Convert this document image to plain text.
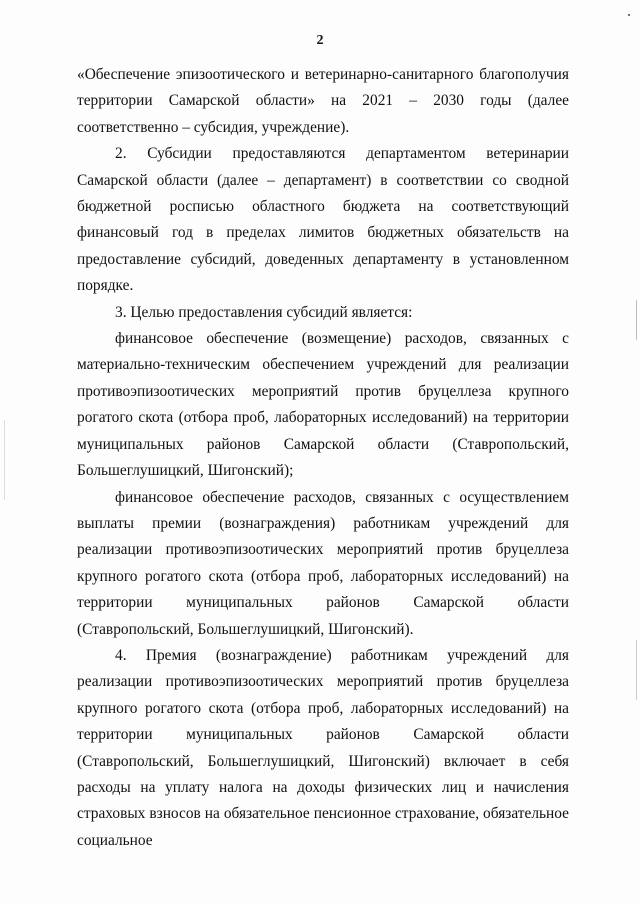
2

«Обеспечение эпизоотического и ветеринарно-санитарного благополучия территории Самарской области» на 2021 – 2030 годы (далее соответственно – субсидия, учреждение).

2. Субсидии предоставляются департаментом ветеринарии Самарской области (далее – департамент) в соответствии со сводной бюджетной росписью областного бюджета на соответствующий финансовый год в пределах лимитов бюджетных обязательств на предоставление субсидий, доведенных департаменту в установленном порядке.

3. Целью предоставления субсидий является:

финансовое обеспечение (возмещение) расходов, связанных с материально-техническим обеспечением учреждений для реализации противоэпизоотических мероприятий против бруцеллеза крупного рогатого скота (отбора проб, лабораторных исследований) на территории муниципальных районов Самарской области (Ставропольский, Большеглушицкий, Шигонский);

финансовое обеспечение расходов, связанных с осуществлением выплаты премии (вознаграждения) работникам учреждений для реализации противоэпизоотических мероприятий против бруцеллеза крупного рогатого скота (отбора проб, лабораторных исследований) на территории муниципальных районов Самарской области (Ставропольский, Большеглушицкий, Шигонский).

4. Премия (вознаграждение) работникам учреждений для реализации противоэпизоотических мероприятий против бруцеллеза крупного рогатого скота (отбора проб, лабораторных исследований) на территории муниципальных районов Самарской области (Ставропольский, Большеглушицкий, Шигонский) включает в себя расходы на уплату налога на доходы физических лиц и начисления страховых взносов на обязательное пенсионное страхование, обязательное социальное
